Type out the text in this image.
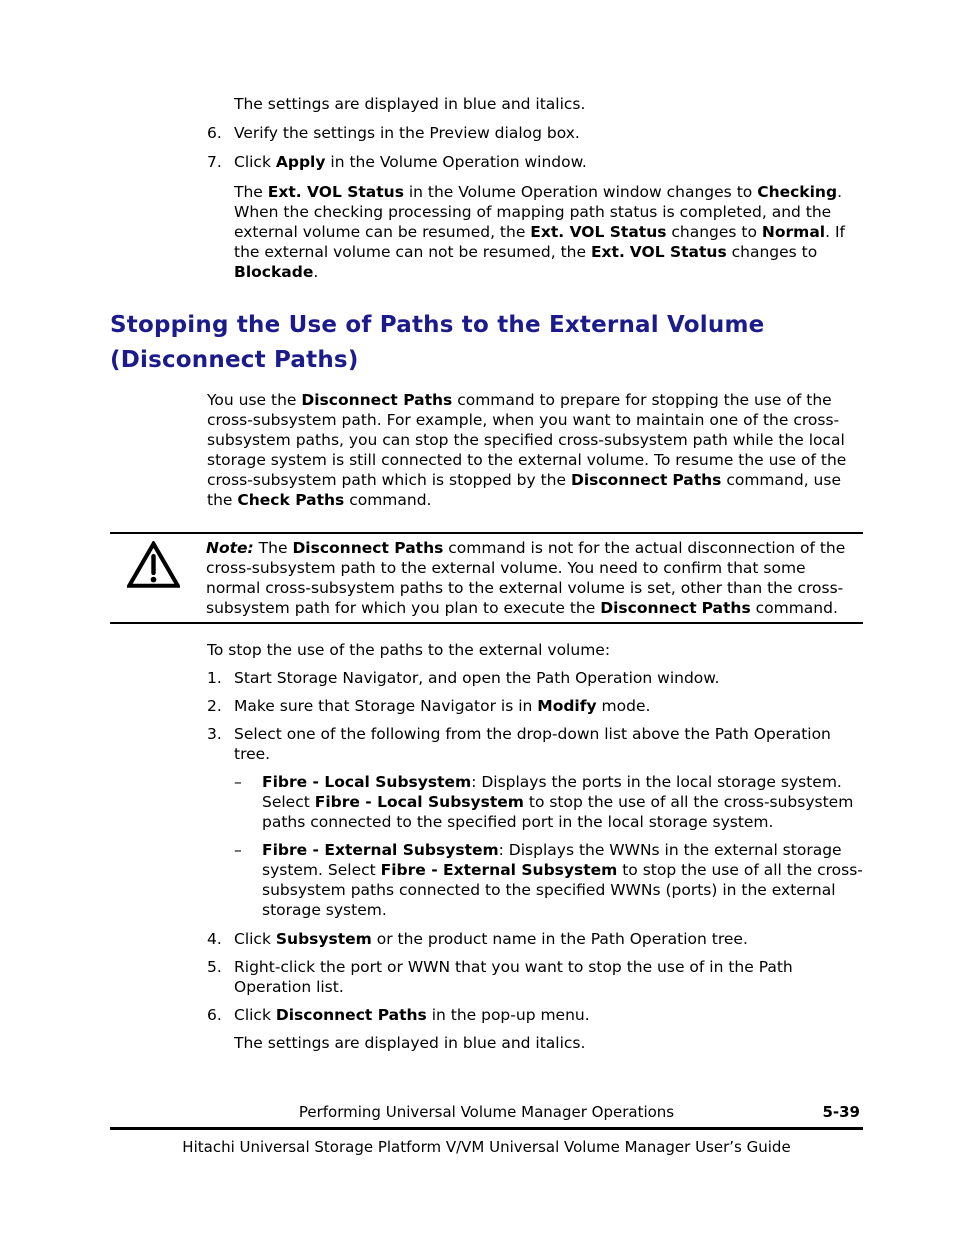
The settings are displayed in blue and italics.

6. Verify the settings in the Preview dialog box.
7. Click Apply in the Volume Operation window.

The Ext. VOL Status in the Volume Operation window changes to Checking. When the checking processing of mapping path status is completed, and the external volume can be resumed, the Ext. VOL Status changes to Normal. If the external volume can not be resumed, the Ext. VOL Status changes to Blockade.

Stopping the Use of Paths to the External Volume (Disconnect Paths)

You use the Disconnect Paths command to prepare for stopping the use of the cross-subsystem path. For example, when you want to maintain one of the cross-subsystem paths, you can stop the specified cross-subsystem path while the local storage system is still connected to the external volume. To resume the use of the cross-subsystem path which is stopped by the Disconnect Paths command, use the Check Paths command.

Note: The Disconnect Paths command is not for the actual disconnection of the cross-subsystem path to the external volume. You need to confirm that some normal cross-subsystem paths to the external volume is set, other than the cross-subsystem path for which you plan to execute the Disconnect Paths command.

To stop the use of the paths to the external volume:

1. Start Storage Navigator, and open the Path Operation window.
2. Make sure that Storage Navigator is in Modify mode.
3. Select one of the following from the drop-down list above the Path Operation tree.
–	Fibre - Local Subsystem: Displays the ports in the local storage system. Select Fibre - Local Subsystem to stop the use of all the cross-subsystem paths connected to the specified port in the local storage system.
–	Fibre - External Subsystem: Displays the WWNs in the external storage system. Select Fibre - External Subsystem to stop the use of all the cross-subsystem paths connected to the specified WWNs (ports) in the external storage system.
4. Click Subsystem or the product name in the Path Operation tree.
5. Right-click the port or WWN that you want to stop the use of in the Path Operation list.
6. Click Disconnect Paths in the pop-up menu.

The settings are displayed in blue and italics.

Performing Universal Volume Manager Operations	5-39
Hitachi Universal Storage Platform V/VM Universal Volume Manager User’s Guide
